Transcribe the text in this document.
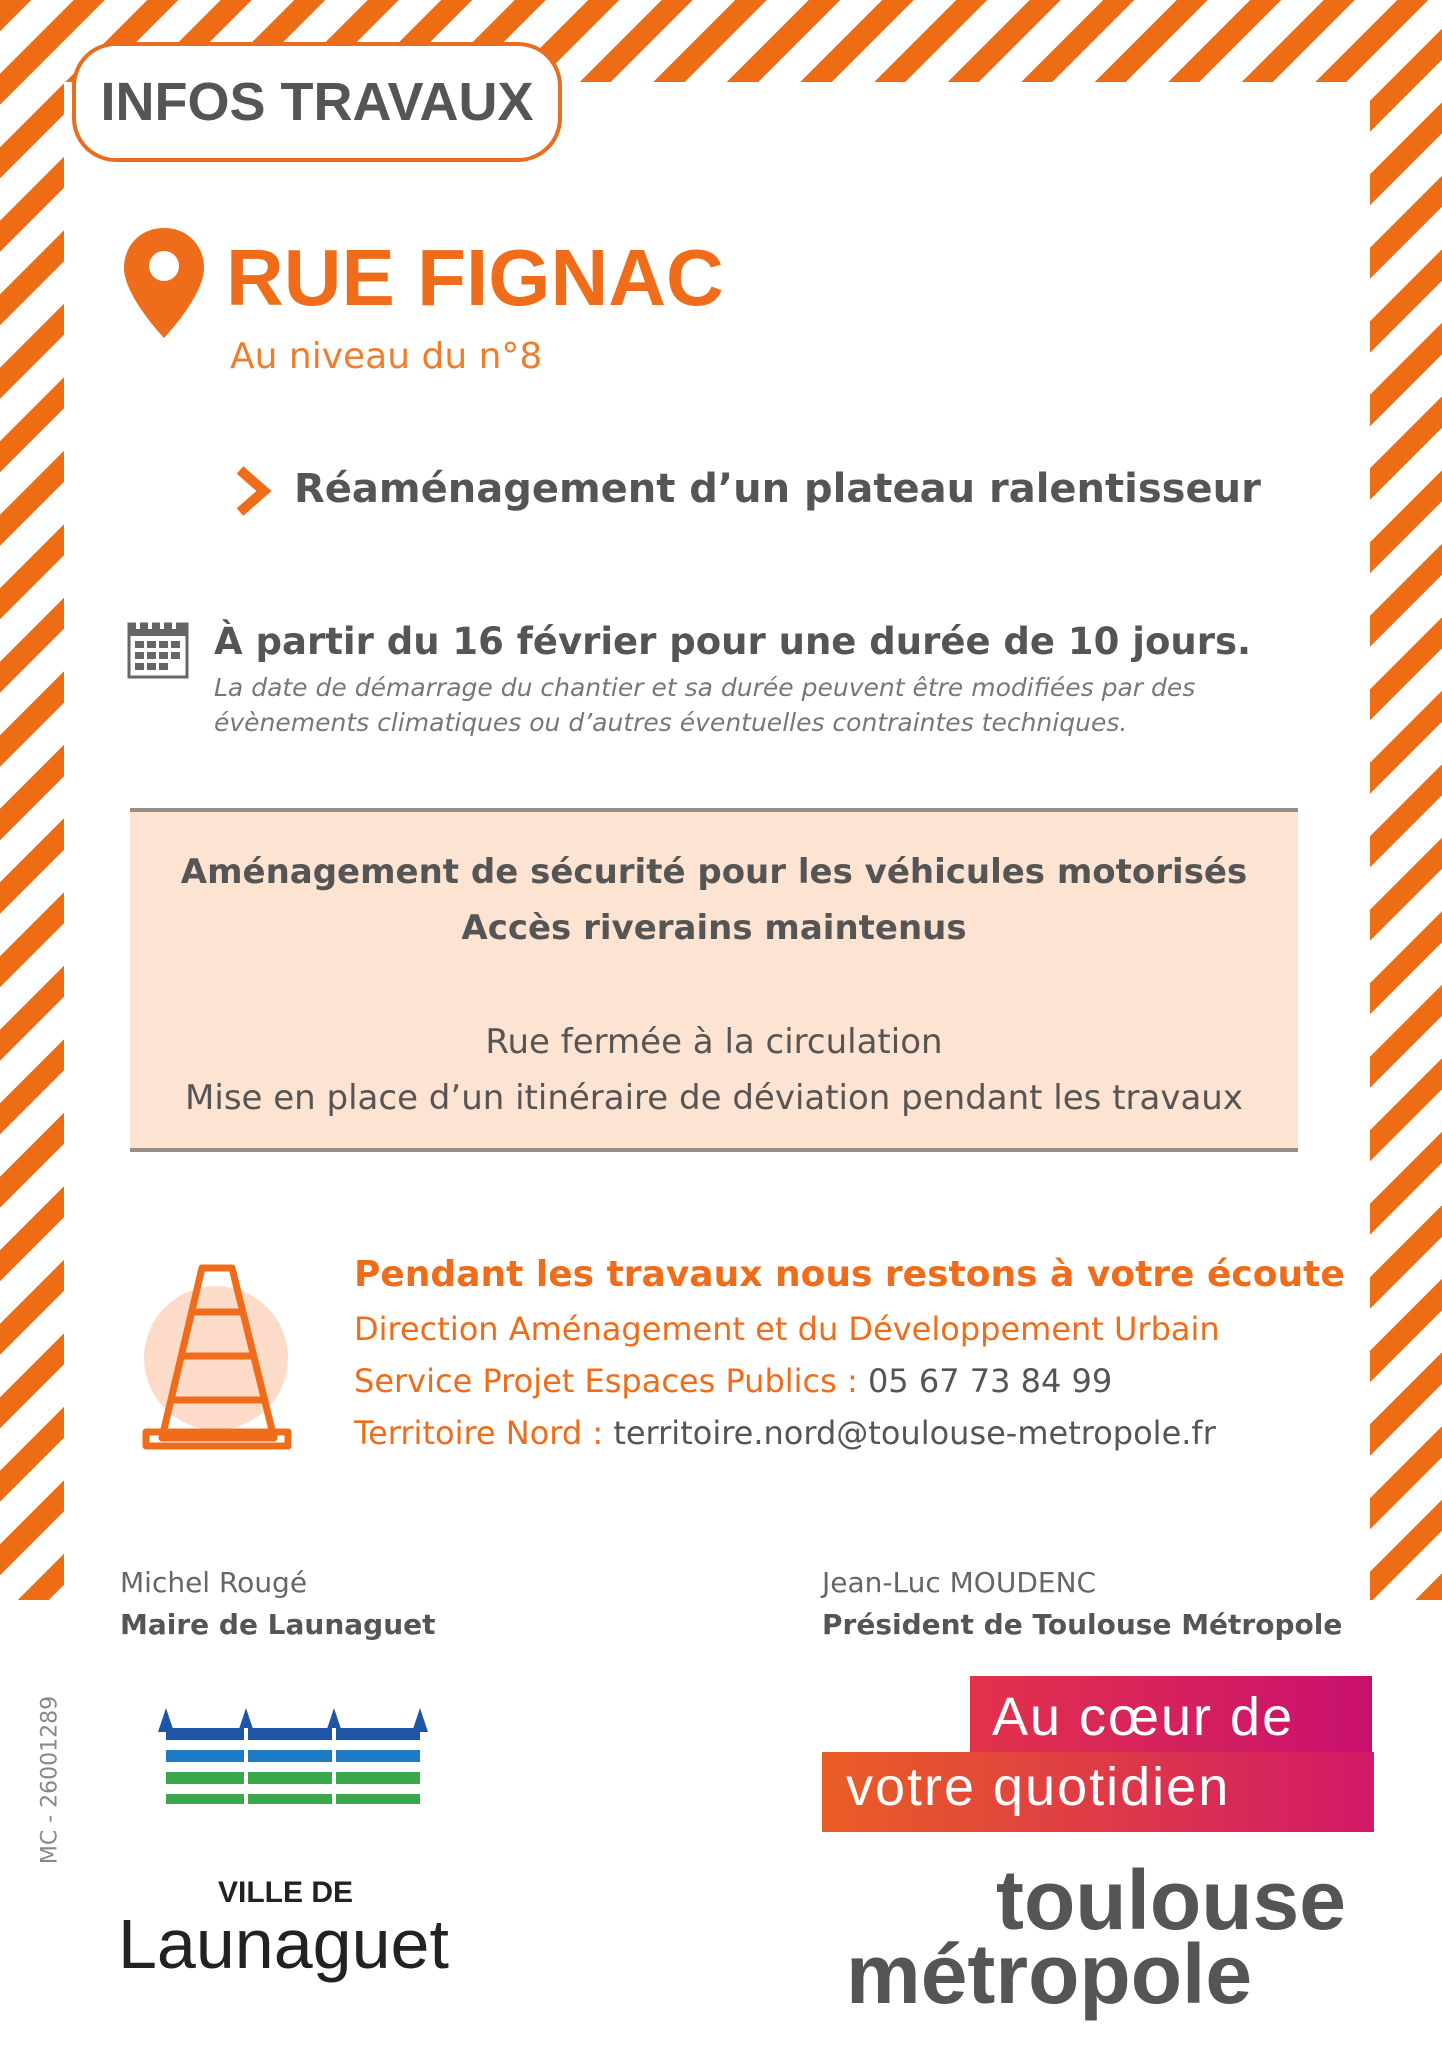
INFOS TRAVAUX
RUE FIGNAC
Au niveau du n°8
Réaménagement d’un plateau ralentisseur
À partir du 16 février pour une durée de 10 jours.
La date de démarrage du chantier et sa durée peuvent être modifiées par des
évènements climatiques ou d’autres éventuelles contraintes techniques.
Aménagement de sécurité pour les véhicules motorisés
Accès riverains maintenus
Rue fermée à la circulation
Mise en place d’un itinéraire de déviation pendant les travaux
Pendant les travaux nous restons à votre écoute
Direction Aménagement et du Développement Urbain
Service Projet Espaces Publics : 05 67 73 84 99
Territoire Nord : territoire.nord@toulouse-metropole.fr
Michel Rougé
Maire de Launaguet
Jean-Luc MOUDENC
Président de Toulouse Métropole
MC - 26001289
VILLE DE
Launaguet
Au cœur de
votre quotidien
toulouse
métropole
